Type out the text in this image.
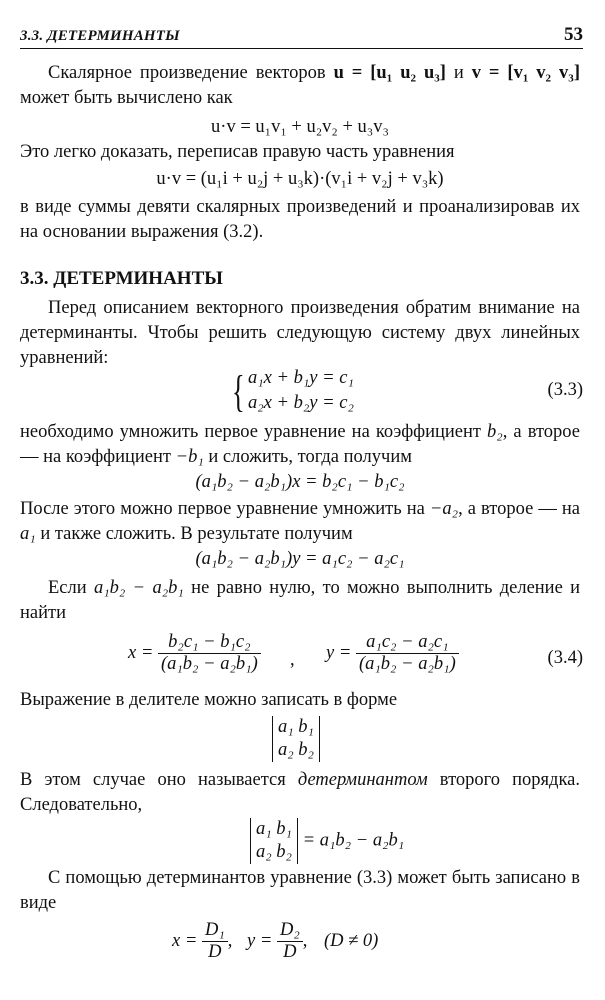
3.3. ДЕТЕРМИНАНТЫ	53
Скалярное произведение векторов u = [u₁ u₂ u₃] и v = [v₁ v₂ v₃] может быть вычислено как
u·v = u₁v₁ + u₂v₂ + u₃v₃
Это легко доказать, переписав правую часть уравнения
u·v = (u₁i + u₂j + u₃k)·(v₁i + v₂j + v₃k)
в виде суммы девяти скалярных произведений и проанализировав их на основании выражения (3.2).
3.3. ДЕТЕРМИНАНТЫ
Перед описанием векторного произведения обратим внимание на детерминанты. Чтобы решить следующую систему двух линейных уравнений:
{ a₁x + b₁y = c₁
a₂x + b₂y = c₂
(3.3)
необходимо умножить первое уравнение на коэффициент b₂, а второе — на коэффициент −b₁ и сложить, тогда получим
(a₁b₂ − a₂b₁)x = b₂c₁ − b₁c₂
После этого можно первое уравнение умножить на −a₂, а второе — на a₁ и также сложить. В результате получим
(a₁b₂ − a₂b₁)y = a₁c₂ − a₂c₁
Если a₁b₂ − a₂b₁ не равно нулю, то можно выполнить деление и найти
$x = \frac{\text{b₂c₁ − b₁c₂}}{\text{(a₁b₂ − a₂b₁)}}$ , $y = \frac{\text{a₁c₂ − a₂c₁}}{\text{(a₁b₂ − a₂b₁)}}$	(3.4)
Выражение в делителе можно записать в форме
a₁ b₁
a₂ b₂
В этом случае оно называется детерминантом второго порядка. Следовательно,
a₁ b₁
a₂ b₂
= a₁b₂ − a₂b₁
С помощью детерминантов уравнение (3.3) может быть записано в виде
$x = \frac{\text{D₁}}{D}$ , $y = \frac{\text{D₂}}{D}$ , (D ≠ 0)
